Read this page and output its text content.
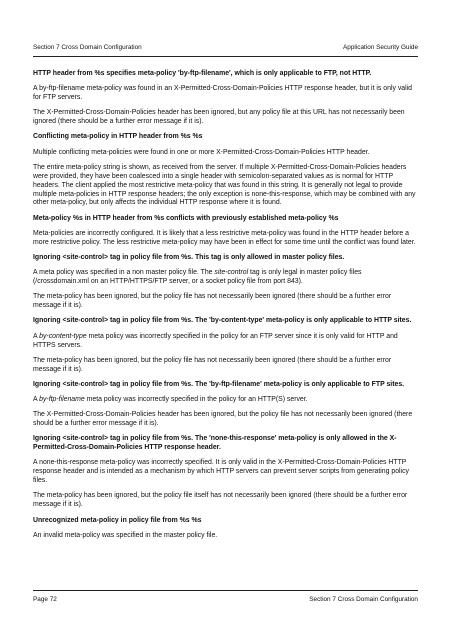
Section 7 Cross Domain Configuration	Application Security Guide

HTTP header from %s specifies meta-policy 'by-ftp-filename', which is only applicable to FTP, not HTTP.

A by-ftp-filename meta-policy was found in an X-Permitted-Cross-Domain-Policies HTTP response header, but it is only valid for FTP servers.

The X-Permitted-Cross-Domain-Policies header has been ignored, but any policy file at this URL has not necessarily been ignored (there should be a further error message if it is).

Conflicting meta-policy in HTTP header from %s %s

Multiple conflicting meta-policies were found in one or more X-Permitted-Cross-Domain-Policies HTTP header.

The entire meta-policy string is shown, as received from the server. If multiple X-Permitted-Cross-Domain-Policies headers were provided, they have been coalesced into a single header with semicolon-separated values as is normal for HTTP headers. The client applied the most restrictive meta-policy that was found in this string. It is generally not legal to provide multiple meta-policies in HTTP response headers; the only exception is none-this-response, which may be combined with any other meta-policy, but only affects the individual HTTP response where it is found.

Meta-policy %s in HTTP header from %s conflicts with previously established meta-policy %s

Meta-policies are incorrectly configured. It is likely that a less restrictive meta-policy was found in the HTTP header before a more restrictive policy. The less restrictive meta-policy may have been in effect for some time until the conflict was found later.

Ignoring <site-control> tag in policy file from %s. This tag is only allowed in master policy files.

A meta policy was specified in a non master policy file. The site-control tag is only legal in master policy files (/crossdomain.xml on an HTTP/HTTPS/FTP server, or a socket policy file from port 843).

The meta-policy has been ignored, but the policy file has not necessarily been ignored (there should be a further error message if it is).

Ignoring <site-control> tag in policy file from %s. The 'by-content-type' meta-policy is only applicable to HTTP sites.

A by-content-type meta policy was incorrectly specified in the policy for an FTP server since it is only valid for HTTP and HTTPS servers.

The meta-policy has been ignored, but the policy file has not necessarily been ignored (there should be a further error message if it is).

Ignoring <site-control> tag in policy file from %s. The 'by-ftp-filename' meta-policy is only applicable to FTP sites.

A by-ftp-filename meta policy was incorrectly specified in the policy for an HTTP(S) server.

The X-Permitted-Cross-Domain-Policies header has been ignored, but the policy file has not necessarily been ignored (there should be a further error message if it is).

Ignoring <site-control> tag in policy file from %s. The 'none-this-response' meta-policy is only allowed in the X-Permitted-Cross-Domain-Policies HTTP response header.

A none-this-response meta-policy was incorrectly specified. It is only valid in the X-Permitted-Cross-Domain-Policies HTTP response header and is intended as a mechanism by which HTTP servers can prevent server scripts from generating policy files.

The meta-policy has been ignored, but the policy file itself has not necessarily been ignored (there should be a further error message if it is).

Unrecognized meta-policy in policy file from %s %s

An invalid meta-policy was specified in the master policy file.

Page 72	Section 7 Cross Domain Configuration
